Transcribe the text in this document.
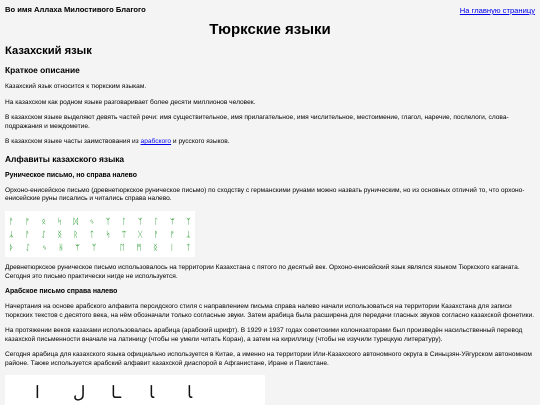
Во имя Аллаха Милостивого Благого	На главную страницу
Тюркские языки
Казахский язык
Краткое описание

Казахский язык относится к тюркским языкам.

На казахском как родном языке разговаривает более десяти миллионов человек.

В казахском языке выделяют девять частей речи: имя существительное, имя прилагательное, имя числительное, местоимение, глагол, наречие, послелоги, слова-подражания и междометие.

В казахском языке часты заимствования из арабского и русского языков.

Алфавиты казахского языка
Руническое письмо, но справа налево

Орхоно-енисейское письмо (древнетюркское руническое письмо) по сходству с германскими рунами можно назвать руническим, но из основных отличий то, что орхоно-енисейские руны писались и читались справа налево.

ᚨ ᚠ ᛟ ᛋ ᛞ ᛃ ᛉ ᛚ ᛉ ᛚ ᛘ ᛉ
ᛦ ᚨ ᛇ ᛝ ᚱ ᛏ ᛋ ᛠ ᚷ ᚨ ᚠ ᛣ
ᚦ ᛇ ᛃ ᚺ ᛘ ᛉ	ᛖ ᛗ ᛝ ᛁ ᛏ

Древнетюркское руническое письмо использовалось на территории Казахстана с пятого по десятый век. Орхоно-енисейский язык являлся языком Тюркского каганата. Сегодня это письмо практически нигде не используется.

Арабское письмо справа налево

Начертания на основе арабского алфавита персидского стиля с направлением письма справа налево начали использоваться на территории Казахстана для записи тюркских текстов с десятого века, на нём обозначали только согласные звуки. Затем арабица была расширена для передачи гласных звуков согласно казахской фонетики.

На протяжении веков казахами использовалась арабица (арабский шрифт). В 1929 и 1937 годах советскими колонизаторами был произведён насильственный перевод казахской письменности вначале на латиницу (чтобы не умели читать Коран), а затем на кириллицу (чтобы не изучили турецкую литературу).

Сегодня арабица для казахского языка официально используется в Китае, а именно на территории Или-Казахского автономного округа в Синьцзян-Уйгурском автономном районе. Также используется арабский алфавит казахской диаспорой в Афганистане, Иране и Пакистане.

ا	ل	ـا	ﺎ	ﺎ
